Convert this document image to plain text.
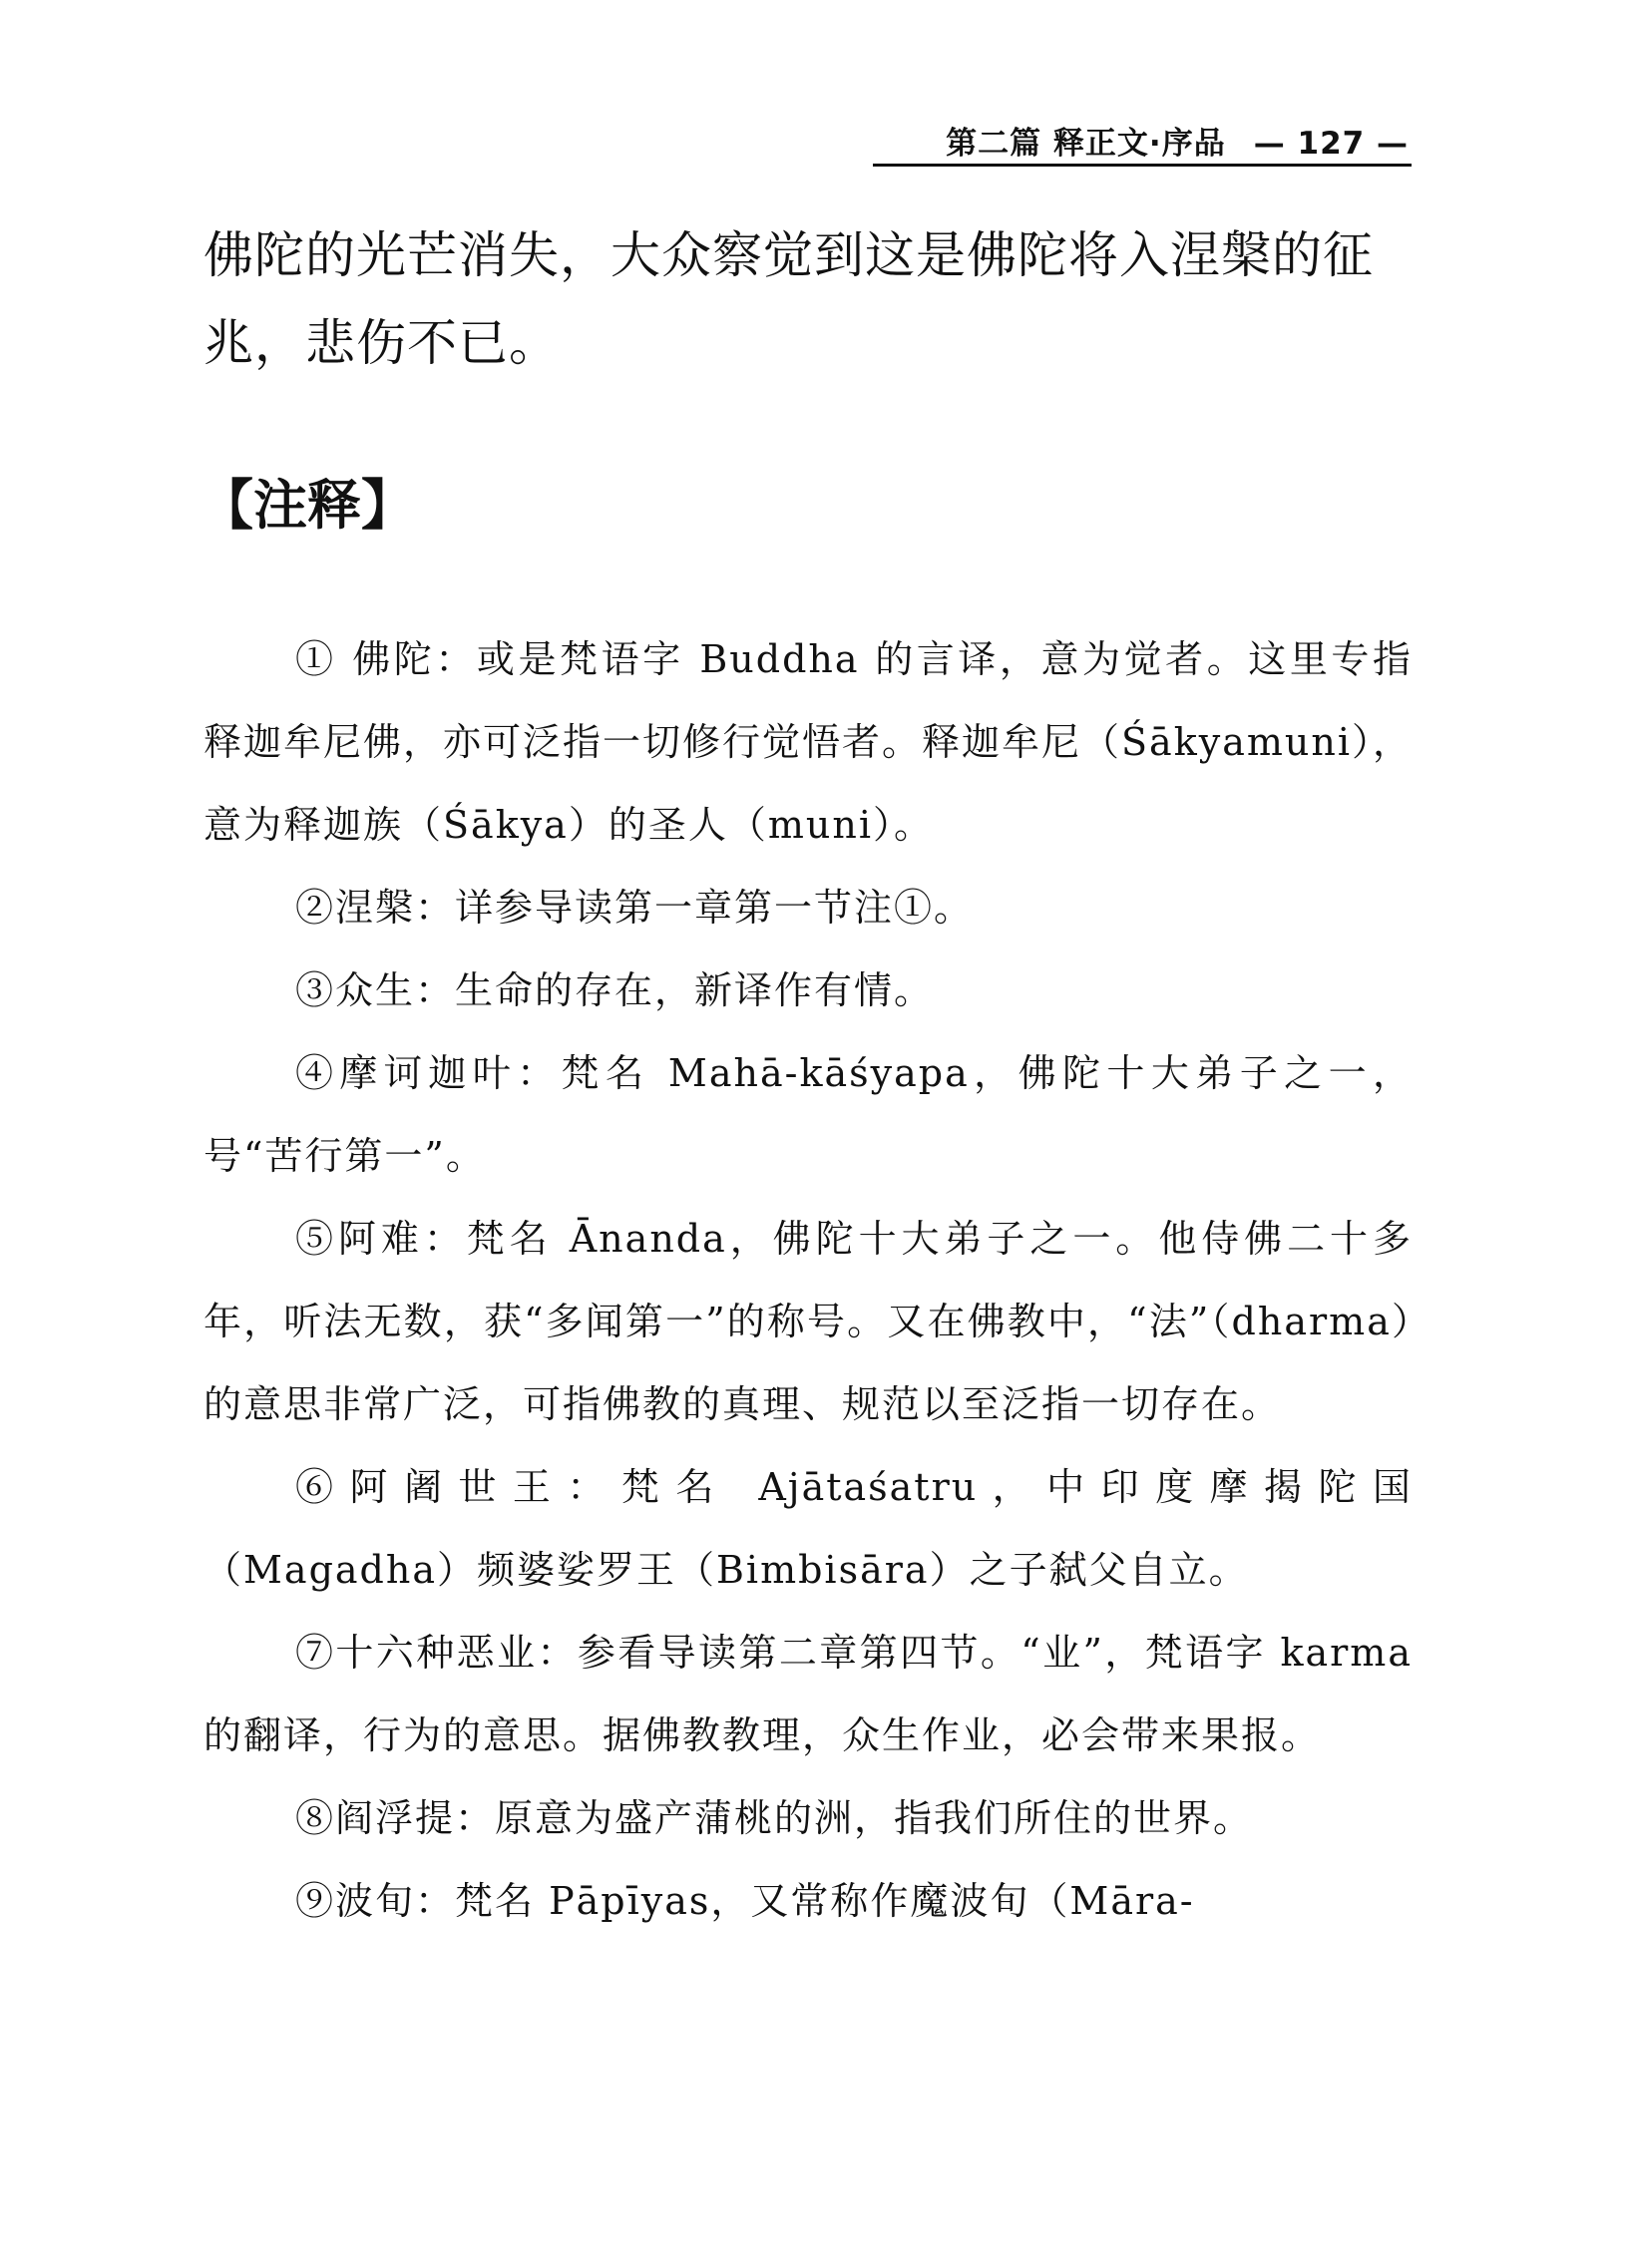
第二篇 释正文·序品 — 127 —

佛陀的光芒消失，大众察觉到这是佛陀将入涅槃的征兆，悲伤不已。

【注释】

① 佛陀：或是梵语字 Buddha 的言译，意为觉者。这里专指释迦牟尼佛，亦可泛指一切修行觉悟者。释迦牟尼（Śākyamuni），意为释迦族（Śākya）的圣人（muni）。

②涅槃：详参导读第一章第一节注①。

③众生：生命的存在，新译作有情。

④摩诃迦叶：梵名 Mahā-kāśyapa，佛陀十大弟子之一，号“苦行第一”。

⑤阿难：梵名 Ānanda，佛陀十大弟子之一。他侍佛二十多年，听法无数，获“多闻第一”的称号。又在佛教中，“法”（dharma）的意思非常广泛，可指佛教的真理、规范以至泛指一切存在。

⑥阿阇世王：梵名 Ajātaśatru，中印度摩揭陀国（Magadha）频婆娑罗王（Bimbisāra）之子弑父自立。

⑦十六种恶业：参看导读第二章第四节。“业”，梵语字 karma 的翻译，行为的意思。据佛教教理，众生作业，必会带来果报。

⑧阎浮提：原意为盛产蒲桃的洲，指我们所住的世界。

⑨波旬：梵名 Pāpīyas，又常称作魔波旬（Māra-
